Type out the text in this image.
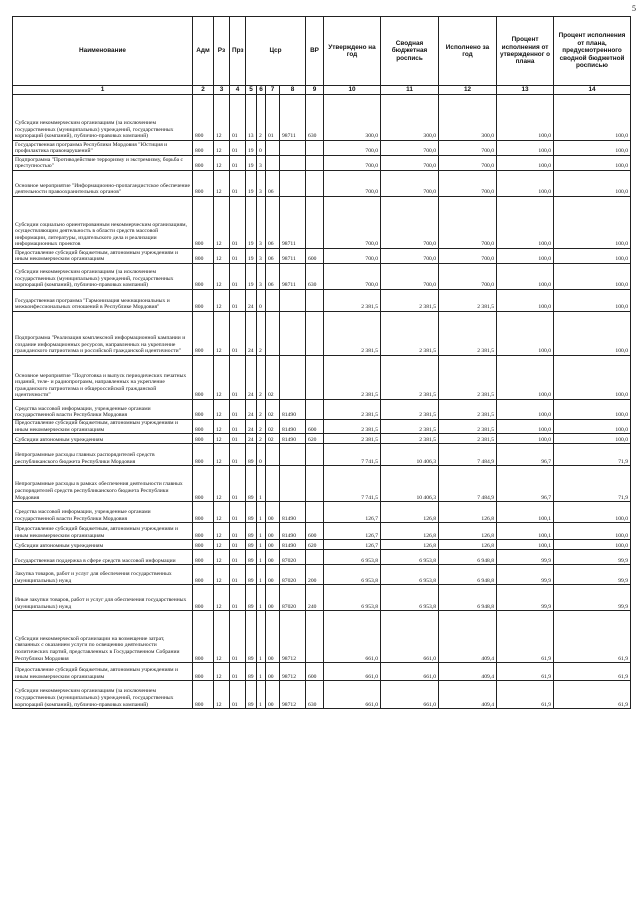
5
Наименование	Адм	Рз	Прз	Цср				ВР	Утверждено на год	Сводная бюджетная роспись	Исполнено за год	Процент исполнения от утвержденног о плана	Процент исполнения от плана, предусмотренного сводной бюджетной росписью
1	2	3	4	5	6	7	8	9	10	11	12	13	14
Субсидии некоммерческим организациям (за исключением государственных (муниципальных) учреждений, государственных корпораций (компаний), публично-правовых компаний)	800	12	01	13	2	01	98711	630	300,0	300,0	300,0	100,0	100,0
Государственная программа Республики Мордовия "Юстиция и профилактика правонарушений"	800	12	01	19	0				700,0	700,0	700,0	100,0	100,0
Подпрограмма "Противодействие терроризму и экстремизму, борьба с преступностью"	800	12	01	19	3				700,0	700,0	700,0	100,0	100,0
Основное мероприятие "Информационно-пропагандистское обеспечение деятельности правоохранительных органов"	800	12	01	19	3	06			700,0	700,0	700,0	100,0	100,0
Субсидии социально ориентированным некоммерческим организациям, осуществляющим деятельность в области средств массовой информации, литературы, издательского дела и реализации информационных проектов	800	12	01	19	3	06	98711		700,0	700,0	700,0	100,0	100,0
Предоставление субсидий бюджетным, автономным учреждениям и иным некоммерческим организациям	800	12	01	19	3	06	98711	600	700,0	700,0	700,0	100,0	100,0
Субсидии некоммерческим организациям (за исключением государственных (муниципальных) учреждений, государственных корпораций (компаний), публично-правовых компаний)	800	12	01	19	3	06	98711	630	700,0	700,0	700,0	100,0	100,0
Государственная программа "Гармонизация межнациональных и межконфессиональных отношений в Республике Мордовия"	800	12	01	24	0				2 381,5	2 381,5	2 381,5	100,0	100,0
Подпрограмма "Реализация комплексной информационной кампании и создание информационных ресурсов, направленных на укрепление гражданского патриотизма и российской гражданской идентичности"	800	12	01	24	2				2 381,5	2 381,5	2 381,5	100,0	100,0
Основное мероприятие "Подготовка и выпуск периодических печатных изданий, теле- и радиопрограмм, направленных на укрепление гражданского патриотизма и общероссийской гражданской идентичности"	800	12	01	24	2	02			2 381,5	2 381,5	2 381,5	100,0	100,0
Средства массовой информации, учрежденные органами государственной власти Республики Мордовия	800	12	01	24	2	02	81490		2 381,5	2 381,5	2 381,5	100,0	100,0
Предоставление субсидий бюджетным, автономным учреждениям и иным некоммерческим организациям	800	12	01	24	2	02	81490	600	2 381,5	2 381,5	2 381,5	100,0	100,0
Субсидии автономным учреждениям	800	12	01	24	2	02	81490	620	2 381,5	2 381,5	2 381,5	100,0	100,0
Непрограммные расходы главных распорядителей средств республиканского бюджета Республики Мордовия	800	12	01	89	0				7 741,5	10 406,3	7 484,9	96,7	71,9
Непрограммные расходы в рамках обеспечения деятельности главных распорядителей средств республиканского бюджета Республики Мордовия	800	12	01	89	1				7 741,5	10 406,3	7 484,9	96,7	71,9
Средства массовой информации, учрежденные органами государственной власти Республики Мордовия	800	12	01	89	1	00	81490		126,7	126,8	126,8	100,1	100,0
Предоставление субсидий бюджетным, автономным учреждениям и иным некоммерческим организациям	800	12	01	89	1	00	81490	600	126,7	126,8	126,8	100,1	100,0
Субсидии автономным учреждениям	800	12	01	89	1	00	81490	620	126,7	126,8	126,8	100,1	100,0
Государственная поддержка в сфере средств массовой информации	800	12	01	89	1	00	87020		6 953,8	6 953,8	6 948,8	99,9	99,9
Закупка товаров, работ и услуг для обеспечения государственных (муниципальных) нужд	800	12	01	89	1	00	87020	200	6 953,8	6 953,8	6 948,8	99,9	99,9
Иные закупки товаров, работ и услуг для обеспечения государственных (муниципальных) нужд	800	12	01	89	1	00	87020	240	6 953,8	6 953,8	6 948,8	99,9	99,9
Субсидии некоммерческой организации на возмещение затрат, связанных с оказанием услуги по освещению деятельности политических партий, представленных в Государственном Собрании Республики Мордовия	800	12	01	89	1	00	98712		661,0	661,0	409,4	61,9	61,9
Предоставление субсидий бюджетным, автономным учреждениям и иным некоммерческим организациям	800	12	01	89	1	00	98712	600	661,0	661,0	409,4	61,9	61,9
Субсидии некоммерческим организациям (за исключением государственных (муниципальных) учреждений, государственных корпораций (компаний), публично-правовых компаний)	800	12	01	89	1	00	98712	630	661,0	661,0	409,4	61,9	61,9
